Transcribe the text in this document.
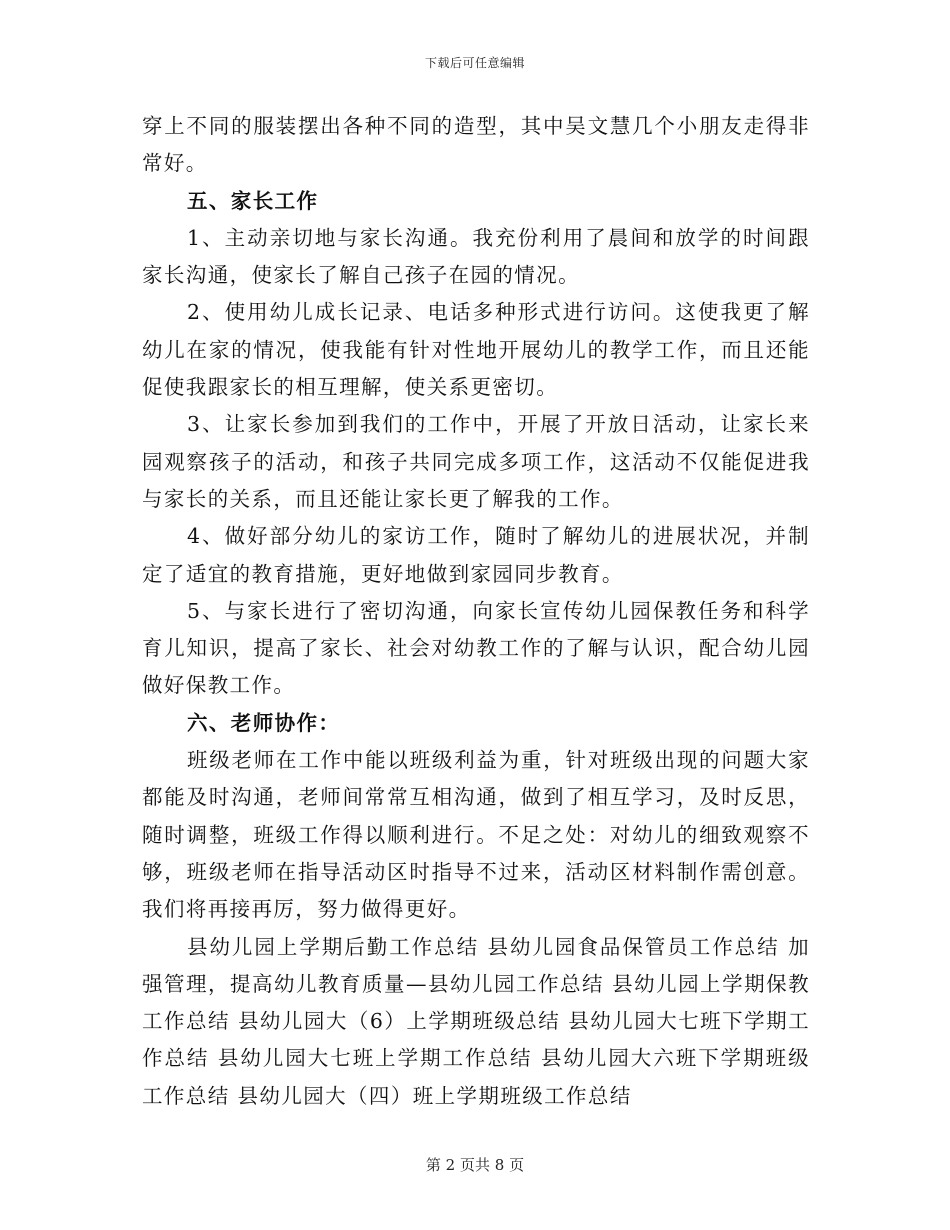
下载后可任意编辑

穿上不同的服装摆出各种不同的造型，其中吴文慧几个小朋友走得非常好。

五、家长工作

1、主动亲切地与家长沟通。我充份利用了晨间和放学的时间跟家长沟通，使家长了解自己孩子在园的情况。

2、使用幼儿成长记录、电话多种形式进行访问。这使我更了解幼儿在家的情况，使我能有针对性地开展幼儿的教学工作，而且还能促使我跟家长的相互理解，使关系更密切。

3、让家长参加到我们的工作中，开展了开放日活动，让家长来园观察孩子的活动，和孩子共同完成多项工作，这活动不仅能促进我与家长的关系，而且还能让家长更了解我的工作。

4、做好部分幼儿的家访工作，随时了解幼儿的进展状况，并制定了适宜的教育措施，更好地做到家园同步教育。

5、与家长进行了密切沟通，向家长宣传幼儿园保教任务和科学育儿知识，提高了家长、社会对幼教工作的了解与认识，配合幼儿园做好保教工作。

六、老师协作：

班级老师在工作中能以班级利益为重，针对班级出现的问题大家都能及时沟通，老师间常常互相沟通，做到了相互学习，及时反思，随时调整，班级工作得以顺利进行。不足之处：对幼儿的细致观察不够，班级老师在指导活动区时指导不过来，活动区材料制作需创意。我们将再接再厉，努力做得更好。

县幼儿园上学期后勤工作总结 县幼儿园食品保管员工作总结 加强管理，提高幼儿教育质量—县幼儿园工作总结 县幼儿园上学期保教工作总结 县幼儿园大（6）上学期班级总结 县幼儿园大七班下学期工作总结 县幼儿园大七班上学期工作总结 县幼儿园大六班下学期班级工作总结 县幼儿园大（四）班上学期班级工作总结

第 2 页共 8 页
